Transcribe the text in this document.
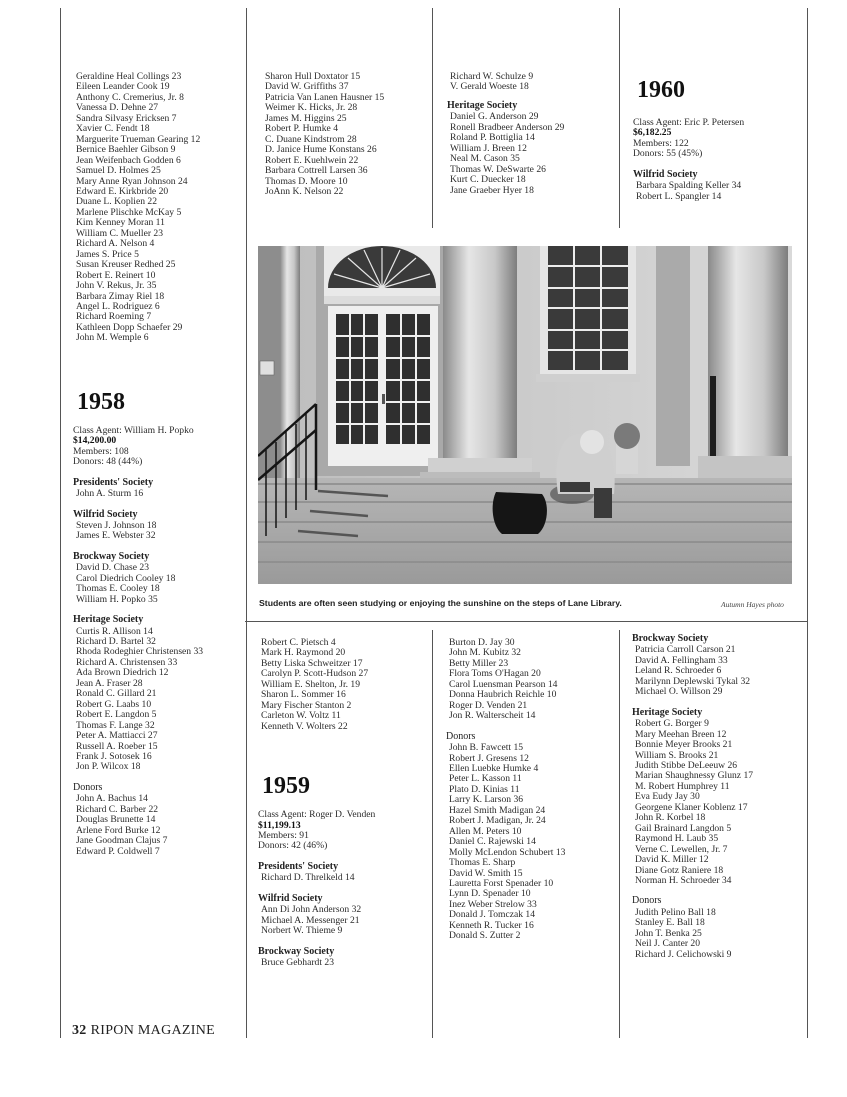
Geraldine Heal Collings 23
Eileen Leander Cook 19
Anthony C. Cremerius, Jr. 8
Vanessa D. Dehne 27
Sandra Silvasy Ericksen 7
Xavier C. Fendt 18
Marguerite Trueman Gearing 12
Bernice Baehler Gibson 9
Jean Weifenbach Godden 6
Samuel D. Holmes 25
Mary Anne Ryan Johnson 24
Edward E. Kirkbride 20
Duane L. Koplien 22
Marlene Plischke McKay 5
Kim Kenney Moran 11
William C. Mueller 23
Richard A. Nelson 4
James S. Price 5
Susan Kreuser Redhed 25
Robert E. Reinert 10
John V. Rekus, Jr. 35
Barbara Zimay Riel 18
Angel L. Rodriguez 6
Richard Roeming 7
Kathleen Dopp Schaefer 29
John M. Wemple 6
1958
Class Agent: William H. Popko
$14,200.00
Members: 108
Donors: 48 (44%)
Presidents' Society
John A. Sturm 16
Wilfrid Society
Steven J. Johnson 18
James E. Webster 32
Brockway Society
David D. Chase 23
Carol Diedrich Cooley 18
Thomas E. Cooley 18
William H. Popko 35
Heritage Society
Curtis R. Allison 14
Richard D. Bartel 32
Rhoda Rodeghier Christensen 33
Richard A. Christensen 33
Ada Brown Diedrich 12
Jean A. Fraser 28
Ronald C. Gillard 21
Robert G. Laabs 10
Robert E. Langdon 5
Thomas F. Lange 32
Peter A. Mattiacci 27
Russell A. Roeber 15
Frank J. Sotosek 16
Jon P. Wilcox 18
Donors
John A. Bachus 14
Richard C. Barber 22
Douglas Brunette 14
Arlene Ford Burke 12
Jane Goodman Clajus 7
Edward P. Coldwell 7
Sharon Hull Doxtator 15
David W. Griffiths 37
Patricia Van Lanen Hausner 15
Weimer K. Hicks, Jr. 28
James M. Higgins 25
Robert P. Humke 4
C. Duane Kindstrom 28
D. Janice Hume Konstans 26
Robert E. Kuehlwein 22
Barbara Cottrell Larsen 36
Thomas D. Moore 10
JoAnn K. Nelson 22
Richard W. Schulze 9
V. Gerald Woeste 18
Heritage Society
Daniel G. Anderson 29
Ronell Bradbeer Anderson 29
Roland P. Bottiglia 14
William J. Breen 12
Neal M. Cason 35
Thomas W. DeSwarte 26
Kurt C. Duecker 18
Jane Graeber Hyer 18
1960
Class Agent: Eric P. Petersen
$6,182.25
Members: 122
Donors: 55 (45%)
Wilfrid Society
Barbara Spalding Keller 34
Robert L. Spangler 14
Students are often seen studying or enjoying the sunshine on the steps of Lane Library.	Autumn Hayes photo
Robert C. Pietsch 4
Mark H. Raymond 20
Betty Liska Schweitzer 17
Carolyn P. Scott-Hudson 27
William E. Shelton, Jr. 19
Sharon L. Sommer 16
Mary Fischer Stanton 2
Carleton W. Voltz 11
Kenneth V. Wolters 22
1959
Class Agent: Roger D. Venden
$11,199.13
Members: 91
Donors: 42 (46%)
Presidents' Society
Richard D. Threlkeld 14
Wilfrid Society
Ann Di John Anderson 32
Michael A. Messenger 21
Norbert W. Thieme 9
Brockway Society
Bruce Gebhardt 23
Burton D. Jay 30
John M. Kubitz 32
Betty Miller 23
Flora Toms O'Hagan 20
Carol Luensman Pearson 14
Donna Haubrich Reichle 10
Roger D. Venden 21
Jon R. Walterscheit 14
Donors
John B. Fawcett 15
Robert J. Gresens 12
Ellen Luebke Humke 4
Peter L. Kasson 11
Plato D. Kinias 11
Larry K. Larson 36
Hazel Smith Madigan 24
Robert J. Madigan, Jr. 24
Allen M. Peters 10
Daniel C. Rajewski 14
Molly McLendon Schubert 13
Thomas E. Sharp
David W. Smith 15
Lauretta Forst Spenader 10
Lynn D. Spenader 10
Inez Weber Strelow 33
Donald J. Tomczak 14
Kenneth R. Tucker 16
Donald S. Zutter 2
Brockway Society
Patricia Carroll Carson 21
David A. Fellingham 33
Leland R. Schroeder 6
Marilynn Deplewski Tykal 32
Michael O. Willson 29
Heritage Society
Robert G. Borger 9
Mary Meehan Breen 12
Bonnie Meyer Brooks 21
William S. Brooks 21
Judith Stibbe DeLeeuw 26
Marian Shaughnessy Glunz 17
M. Robert Humphrey 11
Eva Eudy Jay 30
Georgene Klaner Koblenz 17
John R. Korbel 18
Gail Brainard Langdon 5
Raymond H. Laub 35
Verne C. Lewellen, Jr. 7
David K. Miller 12
Diane Gotz Raniere 18
Norman H. Schroeder 34
Donors
Judith Pelino Ball 18
Stanley E. Ball 18
John T. Benka 25
Neil J. Canter 20
Richard J. Celichowski 9
32 RIPON MAGAZINE
